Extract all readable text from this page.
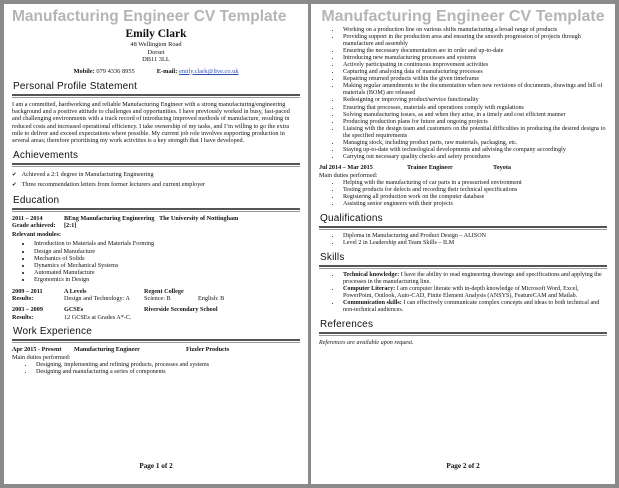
Manufacturing Engineer CV Template
Emily Clark
48 Wellington Road
Dorset
DB11 3LL
Mobile: 079 4336 8955	E-mail: emily.clark@live.co.uk
Personal Profile Statement
I am a committed, hardworking and reliable Manufacturing Engineer with a strong manufacturing/engineering background and a positive attitude to challenges and opportunities. I have previously worked in busy, fast-paced and challenging environments with a track record of introducing improved methods of manufacture, resulting in reduced costs and increased operational efficiency. I take ownership of my tasks, and I’m willing to go the extra mile to deliver and exceed expectations where possible. My current job role involves supporting production in several areas; therefore prioritising my work activities is a key strength that I have developed.
Achievements
✔ Achieved a 2:1 degree in Manufacturing Engineering
✔ Three recommendation letters from former lecturers and current employer
Education
2011 – 2014	BEng Manufacturing Engineering The University of Nottingham
Grade achieved:	[2:1]
Relevant modules:
• Introduction to Materials and Materials Forming
• Design and Manufacture
• Mechanics of Solids
• Dynamics of Mechanical Systems
• Automated Manufacture
• Ergonomics in Design
2009 – 2011	A Levels	Regent College
Results:	Design and Technology: A	Science: B	English: B
2003 – 2009	GCSEs	Riverside Secondary School
Results:	12 GCSEs at Grades A*-C.
Work Experience
Apr 2015 - Present	Manufacturing Engineer	Fizzler Products
Main duties performed:
• Designing, implementing and refining products, processes and systems
• Designing and manufacturing a series of components
Page 1 of 2
Manufacturing Engineer CV Template
• Working on a production line on various shifts manufacturing a broad range of products
• Providing support in the production area and ensuring the smooth progression of projects through manufacture and assembly
• Ensuring the necessary documentation are in order and up-to-date
• Introducing new manufacturing processes and systems
• Actively participating in continuous improvement activities
• Capturing and analysing data of manufacturing processes
• Repairing returned products within the given timeframe
• Making regular amendments to the documentation when new revisions of documents, drawings and bill of materials (BOM) are released
• Redesigning or improving product/service functionality
• Ensuring that processes, materials and operations comply with regulations
• Solving manufacturing issues, as and when they arise, in a timely and cost efficient manner
• Producing production plans for future and ongoing projects
• Liaising with the design team and customers on the potential difficulties in producing the desired designs to the specified requirements
• Managing stock, including product parts, raw materials, packaging, etc.
• Staying up-to-date with technological developments and advising the company accordingly
• Carrying out necessary quality checks and safety procedures
Jul 2014 – Mar 2015	Trainee Engineer	Toyota
Main duties performed:
• Helping with the manufacturing of car parts in a pressurised environment
• Testing products for defects and recording their technical specifications
• Registering all production work on the computer database
• Assisting senior engineers with their projects
Qualifications
• Diploma in Manufacturing and Product Design – ALISON
• Level 2 in Leadership and Team Skills – ILM
Skills
• Technical knowledge: I have the ability to read engineering drawings and specifications and applying the processes in the manufacturing line.
• Computer Literacy: I am computer literate with in-depth knowledge of Microsoft Word, Excel, PowerPoint, Outlook, Auto-CAD, Finite Element Analysis (ANSYS), FeatureCAM and Matlab.
• Communication skills: I can effectively communicate complex concepts and ideas to both technical and non-technical audiences.
References
References are available upon request.
Page 2 of 2
